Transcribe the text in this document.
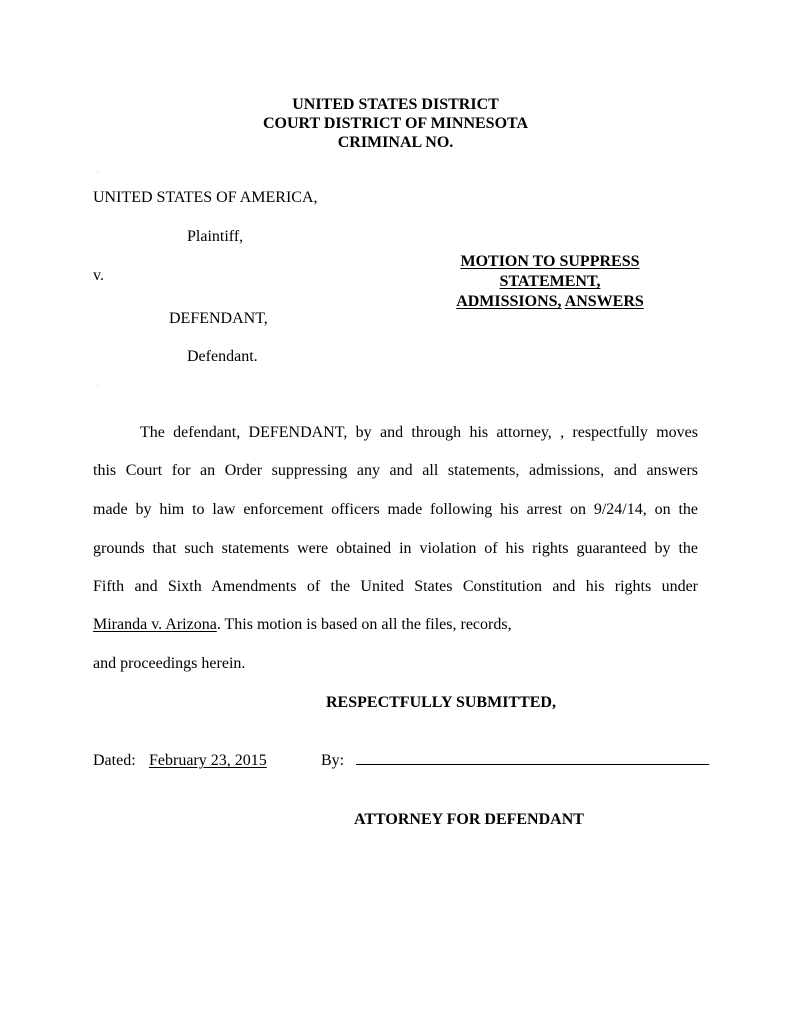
UNITED STATES DISTRICT
COURT DISTRICT OF MINNESOTA
CRIMINAL NO.
UNITED STATES OF AMERICA,
Plaintiff,
v.
DEFENDANT,
Defendant.
MOTION TO SUPPRESS
STATEMENT,
ADMISSIONS, ANSWERS
The defendant, DEFENDANT, by and through his attorney, , respectfully moves
this Court for an Order suppressing any and all statements, admissions, and answers
made by him to law enforcement officers made following his arrest on 9/24/14, on the
grounds that such statements were obtained in violation of his rights guaranteed by the
Fifth and Sixth Amendments of the United States Constitution and his rights under
Miranda v. Arizona. This motion is based on all the files, records,
and proceedings herein.
RESPECTFULLY SUBMITTED,
Dated: February 23, 2015	By:
ATTORNEY FOR DEFENDANT
